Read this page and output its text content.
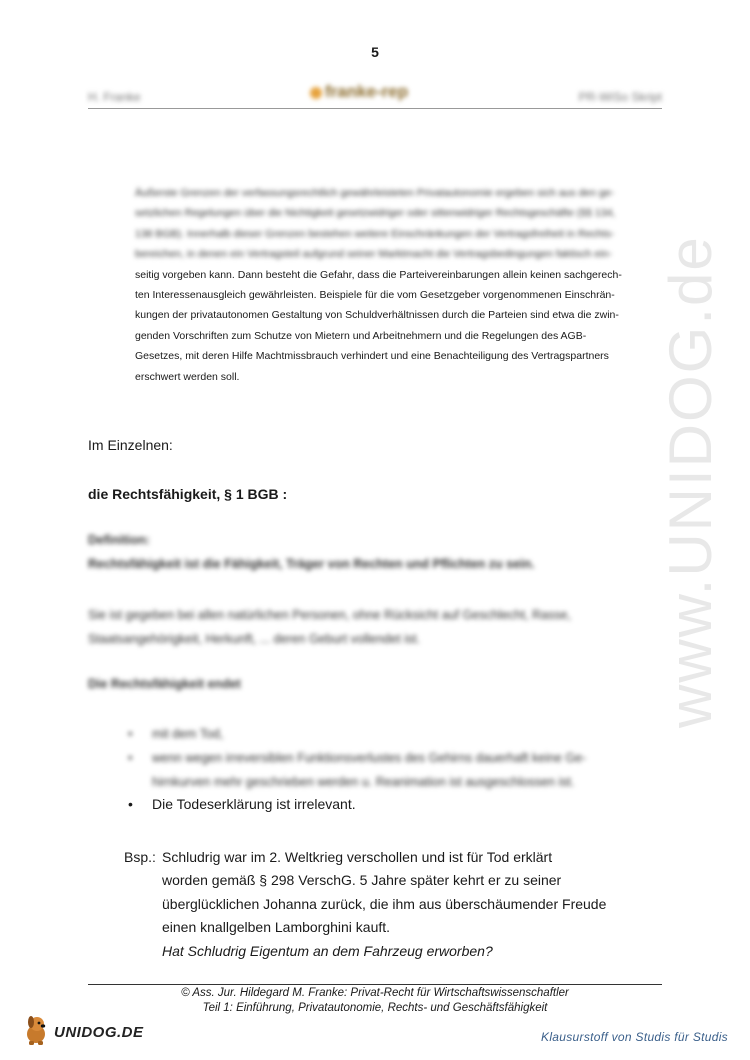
5
H. Franke	franke-rep	PR-WiSo Skript

Äußerste Grenzen der verfassungsrechtlich gewährleisteten Privatautonomie ergeben sich aus den ge-

setzlichen Regelungen über die Nichtigkeit gesetzwidriger oder sittenwidriger Rechtsgeschäfte (§§ 134,

138 BGB). Innerhalb dieser Grenzen bestehen weitere Einschränkungen der Vertragsfreiheit in Rechts-

bereichen, in denen ein Vertragsteil aufgrund seiner Marktmacht die Vertragsbedingungen faktisch ein-

seitig vorgeben kann. Dann besteht die Gefahr, dass die Parteivereinbarungen allein keinen sachgerech-

ten Interessenausgleich gewährleisten. Beispiele für die vom Gesetzgeber vorgenommenen Einschrän-

kungen der privatautonomen Gestaltung von Schuldverhältnissen durch die Parteien sind etwa die zwin-

genden Vorschriften zum Schutze von Mietern und Arbeitnehmern und die Regelungen des AGB-

Gesetzes, mit deren Hilfe Machtmissbrauch verhindert und eine Benachteiligung des Vertragspartners

erschwert werden soll.

Im Einzelnen:
die Rechtsfähigkeit, § 1 BGB :
Definition:
Rechtsfähigkeit ist die Fähigkeit, Träger von Rechten und Pflichten zu sein.
Sie ist gegeben bei allen natürlichen Personen, ohne Rücksicht auf Geschlecht, Rasse,
Staatsangehörigkeit, Herkunft, ... deren Geburt vollendet ist.
Die Rechtsfähigkeit endet
• mit dem Tod,
• wenn wegen irreversiblen Funktionsverlustes des Gehirns dauerhaft keine Ge-
hirnkurven mehr geschrieben werden u. Reanimation ist ausgeschlossen ist.
• Die Todeserklärung ist irrelevant.
Bsp.: Schludrig war im 2. Weltkrieg verschollen und ist für Tod erklärt
worden gemäß § 298 VerschG. 5 Jahre später kehrt er zu seiner
überglücklichen Johanna zurück, die ihm aus überschäumender Freude
einen knallgelben Lamborghini kauft.
Hat Schludrig Eigentum an dem Fahrzeug erworben?
© Ass. Jur. Hildegard M. Franke: Privat-Recht für Wirtschaftswissenschaftler
Teil 1: Einführung, Privatautonomie, Rechts- und Geschäftsfähigkeit
UNIDOG.DE	Klausurstoff von Studis für Studis
www.UNIDOG.de
